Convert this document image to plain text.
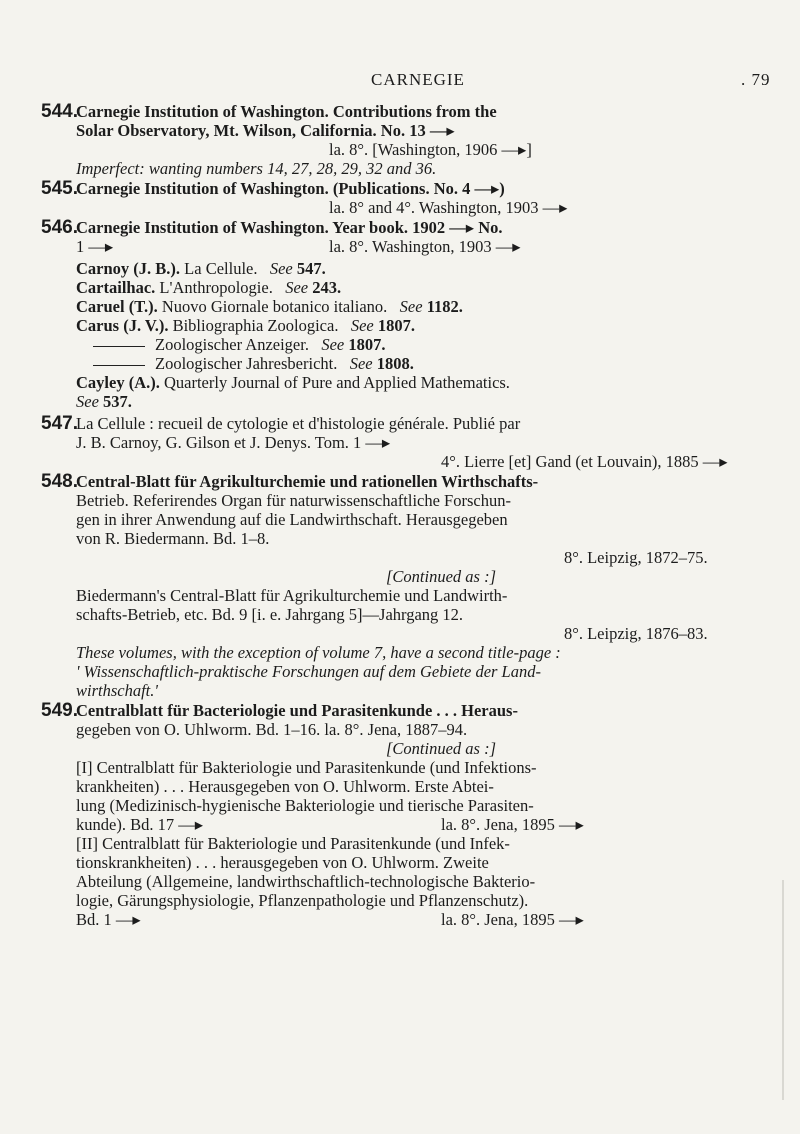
CARNEGIE	. 79
544.Carnegie Institution of Washington. Contributions from the
Solar Observatory, Mt. Wilson, California. No. 13 —▸
la. 8°. [Washington, 1906 —▸]
Imperfect: wanting numbers 14, 27, 28, 29, 32 and 36.
545.Carnegie Institution of Washington. (Publications. No. 4 —▸)
la. 8° and 4°. Washington, 1903 —▸
546.Carnegie Institution of Washington. Year book. 1902 —▸ No.
1 —▸	la. 8°. Washington, 1903 —▸
Carnoy (J. B.). La Cellule. See 547.
Cartailhac. L'Anthropologie. See 243.
Caruel (T.). Nuovo Giornale botanico italiano. See 1182.
Carus (J. V.). Bibliographia Zoologica. See 1807.
Zoologischer Anzeiger. See 1807.
Zoologischer Jahresbericht. See 1808.
Cayley (A.). Quarterly Journal of Pure and Applied Mathematics.
See 537.
547.La Cellule : recueil de cytologie et d'histologie générale. Publié par
J. B. Carnoy, G. Gilson et J. Denys. Tom. 1 —▸
4°. Lierre [et] Gand (et Louvain), 1885 —▸
548.Central-Blatt für Agrikulturchemie und rationellen Wirthschafts-
Betrieb. Referirendes Organ für naturwissenschaftliche Forschun-
gen in ihrer Anwendung auf die Landwirthschaft. Herausgegeben
von R. Biedermann. Bd. 1–8.
8°. Leipzig, 1872–75.
[Continued as :]
Biedermann's Central-Blatt für Agrikulturchemie und Landwirth-
schafts-Betrieb, etc. Bd. 9 [i. e. Jahrgang 5]—Jahrgang 12.
8°. Leipzig, 1876–83.
These volumes, with the exception of volume 7, have a second title-page :
' Wissenschaftlich-praktische Forschungen auf dem Gebiete der Land-
wirthschaft.'
549.Centralblatt für Bacteriologie und Parasitenkunde . . . Heraus-
gegeben von O. Uhlworm. Bd. 1–16. la. 8°. Jena, 1887–94.
[Continued as :]
[I] Centralblatt für Bakteriologie und Parasitenkunde (und Infektions-
krankheiten) . . . Herausgegeben von O. Uhlworm. Erste Abtei-
lung (Medizinisch-hygienische Bakteriologie und tierische Parasiten-
kunde). Bd. 17 —▸	la. 8°. Jena, 1895 —▸
[II] Centralblatt für Bakteriologie und Parasitenkunde (und Infek-
tionskrankheiten) . . . herausgegeben von O. Uhlworm. Zweite
Abteilung (Allgemeine, landwirthschaftlich-technologische Bakterio-
logie, Gärungsphysiologie, Pflanzenpathologie und Pflanzenschutz).
Bd. 1 —▸	la. 8°. Jena, 1895 —▸
